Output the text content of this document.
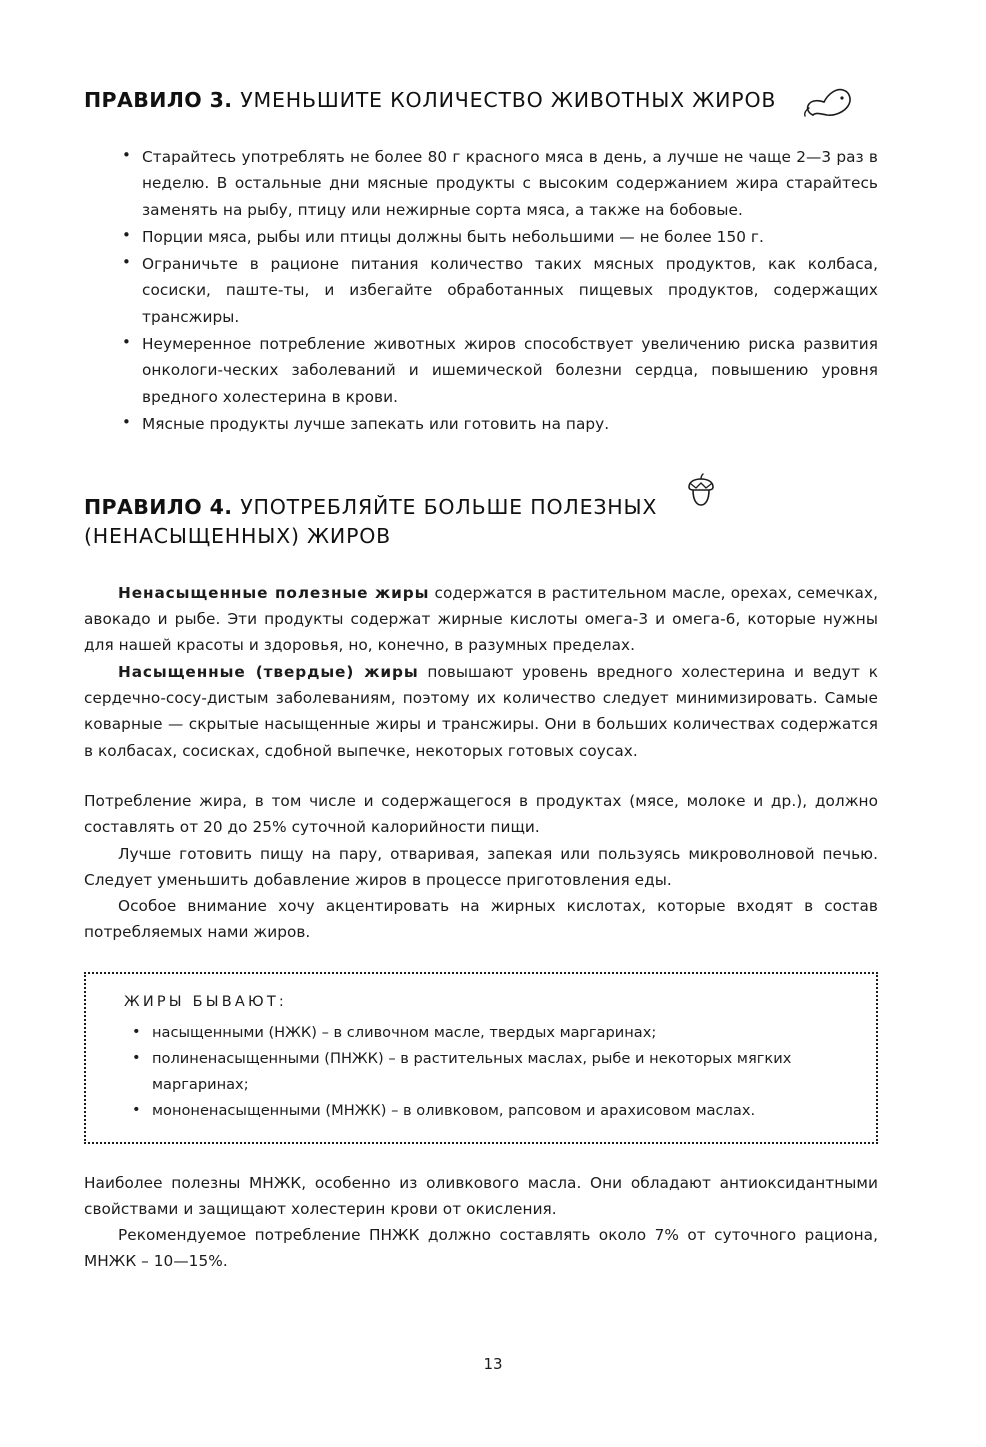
ПРАВИЛО 3. УМЕНЬШИТЕ КОЛИЧЕСТВО ЖИВОТНЫХ ЖИРОВ
• Старайтесь употреблять не более 80 г красного мяса в день, а лучше не чаще 2—3 раз в неделю. В остальные дни мясные продукты с высоким содержанием жира старайтесь заменять на рыбу, птицу или нежирные сорта мяса, а также на бобовые.
• Порции мяса, рыбы или птицы должны быть небольшими — не более 150 г.
• Ограничьте в рационе питания количество таких мясных продуктов, как колбаса, сосиски, паште-ты, и избегайте обработанных пищевых продуктов, содержащих трансжиры.
• Неумеренное потребление животных жиров способствует увеличению риска развития онкологи-ческих заболеваний и ишемической болезни сердца, повышению уровня вредного холестерина в крови.
• Мясные продукты лучше запекать или готовить на пару.
ПРАВИЛО 4. УПОТРЕБЛЯЙТЕ БОЛЬШЕ ПОЛЕЗНЫХ
(НЕНАСЫЩЕННЫХ) ЖИРОВ

Ненасыщенные полезные жиры содержатся в растительном масле, орехах, семечках, авокадо и рыбе. Эти продукты содержат жирные кислоты омега-3 и омега-6, которые нужны для нашей красоты и здоровья, но, конечно, в разумных пределах.

Насыщенные (твердые) жиры повышают уровень вредного холестерина и ведут к сердечно-сосу-дистым заболеваниям, поэтому их количество следует минимизировать. Самые коварные — скрытые насыщенные жиры и трансжиры. Они в больших количествах содержатся в колбасах, сосисках, сдобной выпечке, некоторых готовых соусах.

Потребление жира, в том числе и содержащегося в продуктах (мясе, молоке и др.), должно составлять от 20 до 25% суточной калорийности пищи.

Лучше готовить пищу на пару, отваривая, запекая или пользуясь микроволновой печью. Следует уменьшить добавление жиров в процессе приготовления еды.

Особое внимание хочу акцентировать на жирных кислотах, которые входят в состав потребляемых нами жиров.

ЖИРЫ БЫВАЮТ:
• насыщенными (НЖК) – в сливочном масле, твердых маргаринах;
• полиненасыщенными (ПНЖК) – в растительных маслах, рыбе и некоторых мягких маргаринах;
• мононенасыщенными (МНЖК) – в оливковом, рапсовом и арахисовом маслах.

Наиболее полезны МНЖК, особенно из оливкового масла. Они обладают антиоксидантными свойствами и защищают холестерин крови от окисления.

Рекомендуемое потребление ПНЖК должно составлять около 7% от суточного рациона, МНЖК – 10—15%.

13
